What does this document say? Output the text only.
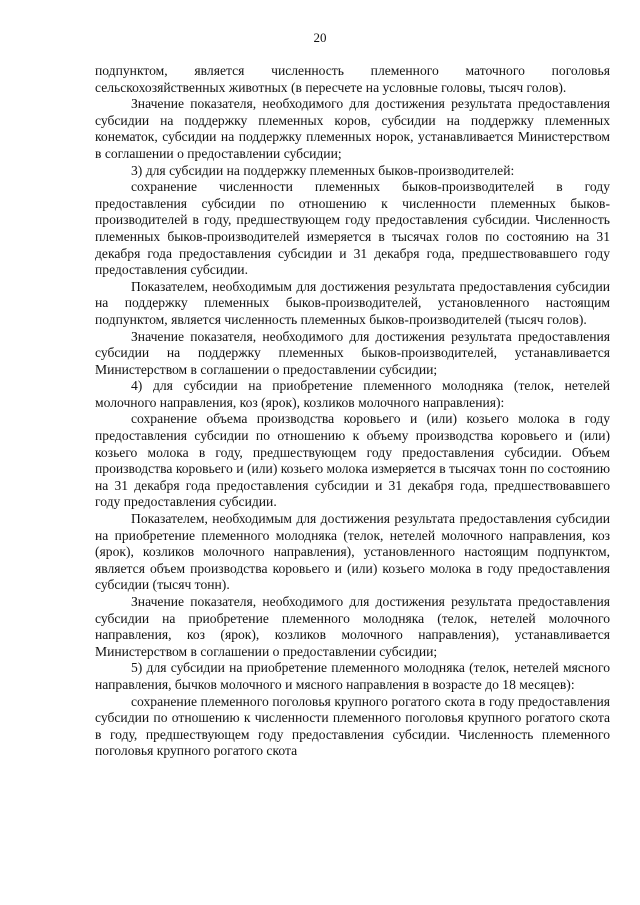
20

подпунктом, является численность племенного маточного поголовья сельскохозяйственных животных (в пересчете на условные головы, тысяч голов).

Значение показателя, необходимого для достижения результата предоставления субсидии на поддержку племенных коров, субсидии на поддержку племенных конематок, субсидии на поддержку племенных норок, устанавливается Министерством в соглашении о предоставлении субсидии;

3) для субсидии на поддержку племенных быков-производителей:

сохранение численности племенных быков-производителей в году предоставления субсидии по отношению к численности племенных быков-производителей в году, предшествующем году предоставления субсидии. Численность племенных быков-производителей измеряется в тысячах голов по состоянию на 31 декабря года предоставления субсидии и 31 декабря года, предшествовавшего году предоставления субсидии.

Показателем, необходимым для достижения результата предоставления субсидии на поддержку племенных быков-производителей, установленного настоящим подпунктом, является численность племенных быков-производителей (тысяч голов).

Значение показателя, необходимого для достижения результата предоставления субсидии на поддержку племенных быков-производителей, устанавливается Министерством в соглашении о предоставлении субсидии;

4) для субсидии на приобретение племенного молодняка (телок, нетелей молочного направления, коз (ярок), козликов молочного направления):

сохранение объема производства коровьего и (или) козьего молока в году предоставления субсидии по отношению к объему производства коровьего и (или) козьего молока в году, предшествующем году предоставления субсидии. Объем производства коровьего и (или) козьего молока измеряется в тысячах тонн по состоянию на 31 декабря года предоставления субсидии и 31 декабря года, предшествовавшего году предоставления субсидии.

Показателем, необходимым для достижения результата предоставления субсидии на приобретение племенного молодняка (телок, нетелей молочного направления, коз (ярок), козликов молочного направления), установленного настоящим подпунктом, является объем производства коровьего и (или) козьего молока в году предоставления субсидии (тысяч тонн).

Значение показателя, необходимого для достижения результата предоставления субсидии на приобретение племенного молодняка (телок, нетелей молочного направления, коз (ярок), козликов молочного направления), устанавливается Министерством в соглашении о предоставлении субсидии;

5) для субсидии на приобретение племенного молодняка (телок, нетелей мясного направления, бычков молочного и мясного направления в возрасте до 18 месяцев):

сохранение племенного поголовья крупного рогатого скота в году предоставления субсидии по отношению к численности племенного поголовья крупного рогатого скота в году, предшествующем году предоставления субсидии. Численность племенного поголовья крупного рогатого скота
